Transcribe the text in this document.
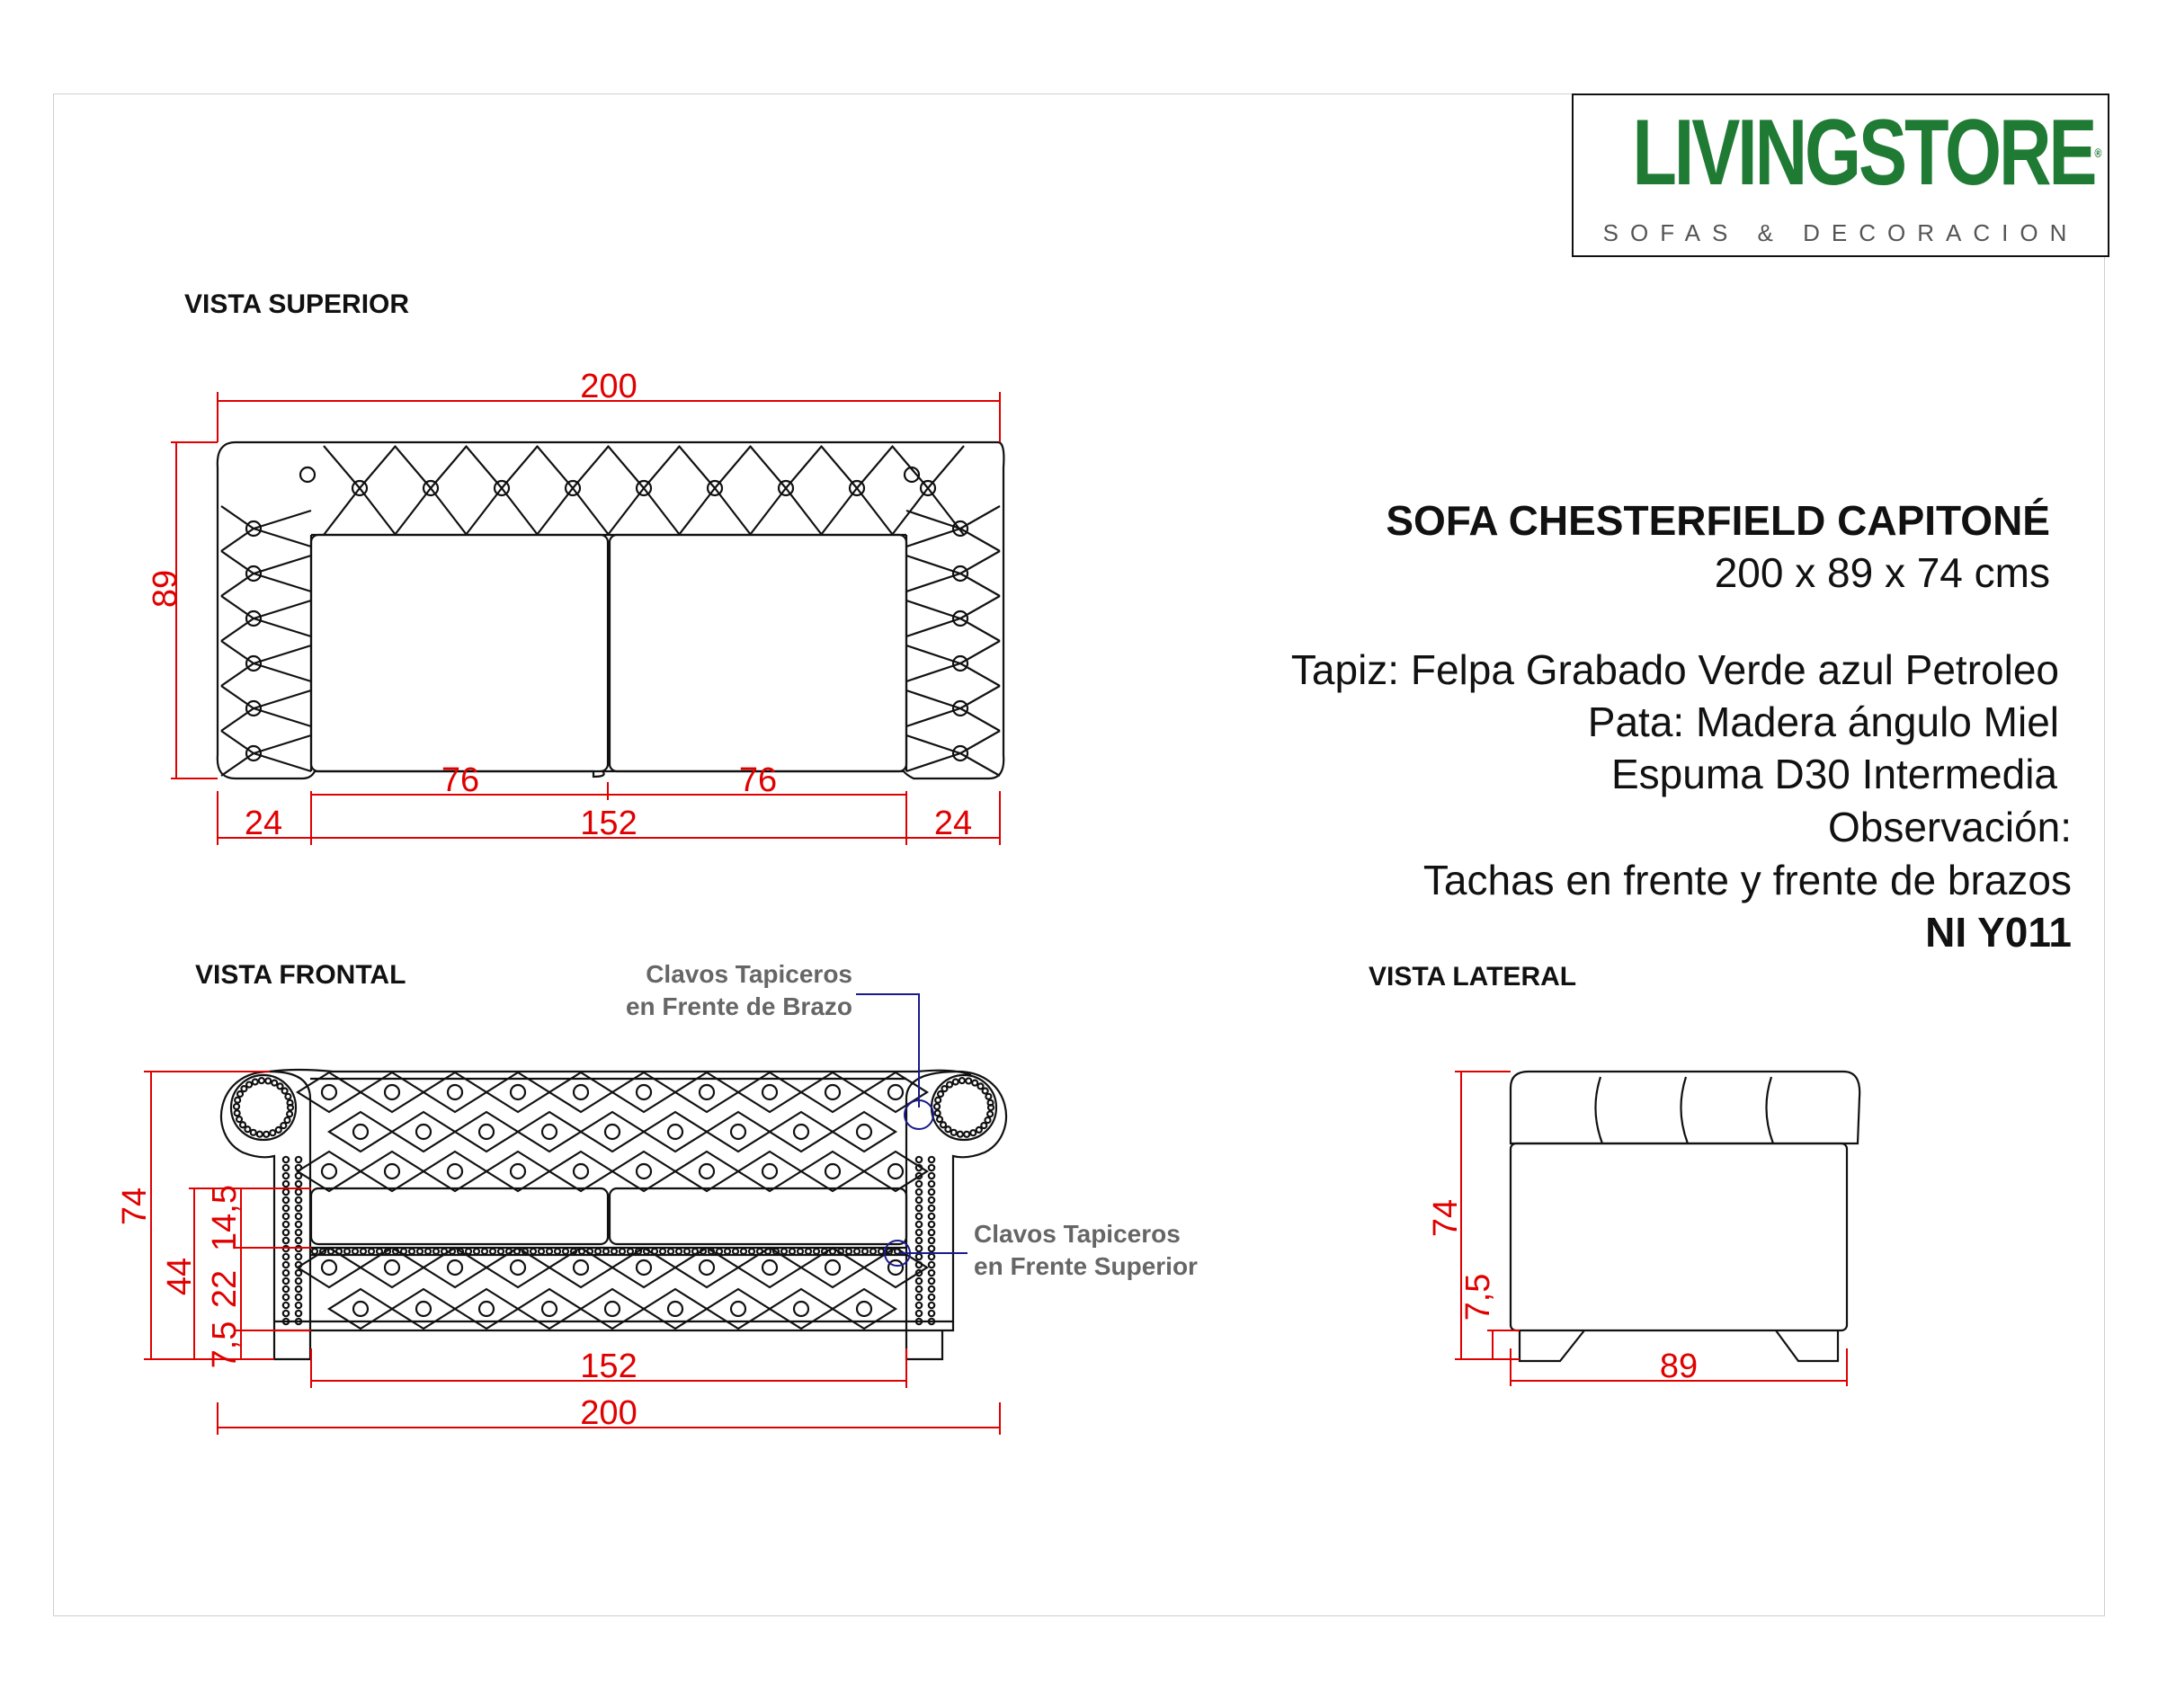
LIVINGSTORE®
SOFAS & DECORACION
VISTA SUPERIOR
VISTA FRONTAL	VISTA LATERAL
SOFA CHESTERFIELD CAPITONÉ
200 x 89 x 74 cms
Tapiz: Felpa Grabado Verde azul Petroleo
Pata: Madera ángulo Miel
Espuma D30 Intermedia
Observación:
Tachas en frente y frente de brazos
NI Y011
Clavos Tapiceros
en Frente de Brazo
Clavos Tapiceros
en Frente Superior
200
89
76	76
24	152	24
74
44
14,5
22
7,5	152
200
74
7,5
89
